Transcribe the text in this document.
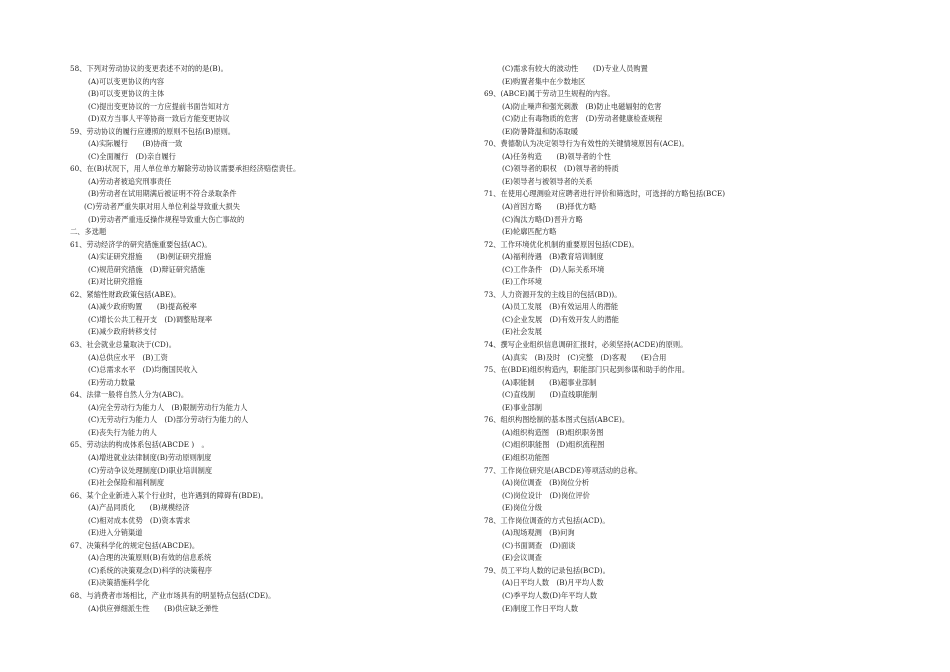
58、下列对劳动协议的变更表述不对的的是(B)。
(A)可以变更协议的内容
(B)可以变更协议的主体
(C)提出变更协议的一方应提前书面告知对方
(D)双方当事人平等协商一致后方能变更协议
59、劳动协议的履行应遵照的原则不包括(B)原则。
(A)实际履行　　(B)协商一致
(C)全面履行　(D)亲自履行
60、在(B)状况下，用人单位单方解除劳动协议需要承担经济赔偿责任。
(A)劳动者被追究刑事责任
(B)劳动者在试用期满后被证明不符合录取条件
(C)劳动者严重失职对用人单位利益导致重大损失
(D)劳动者严重违反操作规程导致重大伤亡事故的
二、多选题
61、劳动经济学的研究措施重要包括(AC)。
(A)实证研究措施　　(B)例证研究措施
(C)规范研究措施　(D)辩证研究措施
(E)对比研究措施
62、紧缩性财政政策包括(ABE)。
(A)减少政府购置　　(B)提高税率
(C)增长公共工程开支　(D)调整贴现率
(E)减少政府转移支付
63、社会就业总量取决于(CD)。
(A)总供应水平　(B)工资
(C)总需求水平　(D)均衡国民收入
(E)劳动力数量
64、法律一般将自然人分为(ABC)。
(A)完全劳动行为能力人　(B)限制劳动行为能力人
(C)无劳动行为能力人　(D)部分劳动行为能力的人
(E)丧失行为能力的人
65、劳动法的构成体系包括(ABCDE )　。
(A)增进就业法律制度(B)劳动原则制度
(C)劳动争议处理制度(D)职业培训制度
(E)社会保险和福利制度
66、某个企业新进入某个行业时，也许遇到的障碍有(BDE)。
(A)产品同质化　　(B)规模经济
(C)相对成本优势　(D)资本需求
(E)进入分销渠道
67、决策科学化的规定包括(ABCDE)。
(A)合理的决策原则(B)有效的信息系统
(C)系统的决策观念(D)科学的决策程序
(E)决策措施科学化
68、与消费者市场相比，产业市场具有的明显特点包括(CDE)。
(A)供应弹细派生性　　(B)供应缺乏弹性
(C)需求有较大的波动性　　(D)专业人员购置
(E)购置者集中在少数地区
69、(ABCE)属于劳动卫生规程的内容。
(A)防止噪声和强光刺激　(B)防止电磁辐射的危害
(C)防止有毒物质的危害　(D)劳动者健康检查规程
(E)防暑降温和防冻取暖
70、费德勒认为决定领导行为有效性的关键情境原因有(ACE)。
(A)任务构造　　(B)领导者的个性
(C)领导者的职权　(D)领导者的特质
(E)领导者与被领导者的关系
71、在使用心理测验对应聘者进行评价和筛选时，可选择的方略包括(BCE)
(A)首因方略　　(B)择优方略
(C)淘汰方略(D)晋升方略
(E)轮廓匹配方略
72、工作环境优化机制的重要原因包括(CDE)。
(A)福利待遇　(B)教育培训制度
(C)工作条件　(D)人际关系环境
(E)工作环境
73、人力资源开发的主线目的包括(BD))。
(A)员工发展　(B)有效运用人的潜能
(C)企业发展　(D)有效开发人的潜能
(E)社会发展
74、撰写企业组织信息调研汇报时，必须坚持(ACDE)的原则。
(A)真实　(B)及时　(C)完整　(D)客观　　(E)合用
75、在(BDE)组织构造内，职能部门只起到参谋和助手的作用。
(A)职能制　　(B)超事业部制
(C)直线制　　(D)直线职能制
(E)事业部制
76、组织构图绘制的基本图式包括(ABCE)。
(A)组织构造图　(B)组织职务图
(C)组织职能图　(D)组织流程图
(E)组织功能图
77、工作岗位研究是(ABCDE)等项活动的总称。
(A)岗位调查　(B)岗位分析
(C)岗位设计　(D)岗位评价
(E)岗位分级
78、工作岗位调查的方式包括(ACD)。
(A)现场观测　(B)问询
(C)书面调查　(D)面谈
(E)会议调查
79、员工平均人数的记录包括(BCD)。
(A)日平均人数　(B)月平均人数
(C)季平均人数(D)年平均人数
(E)制度工作日平均人数
